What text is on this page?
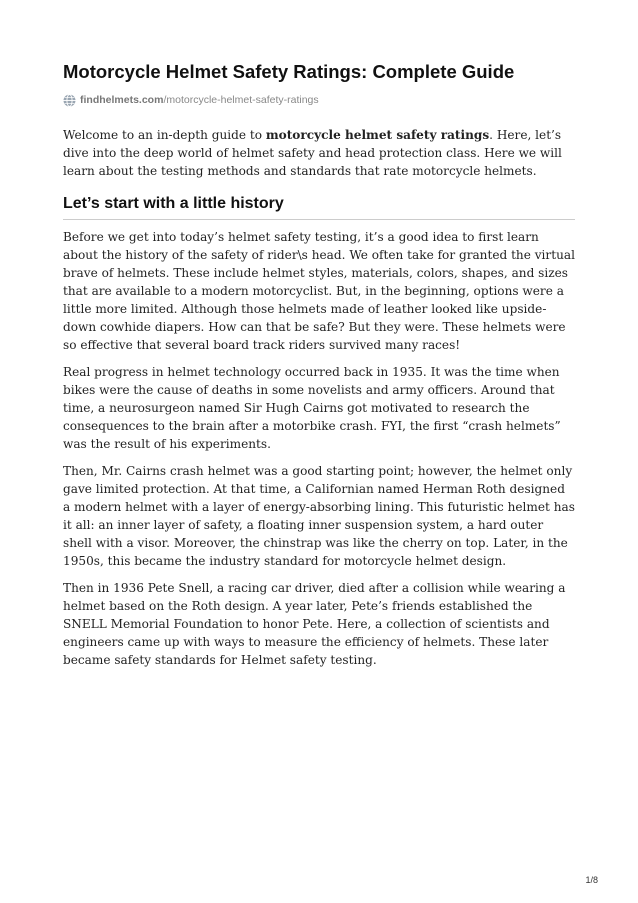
Motorcycle Helmet Safety Ratings: Complete Guide
findhelmets.com /motorcycle-helmet-safety-ratings

Welcome to an in-depth guide to motorcycle helmet safety ratings. Here, let’s dive into the deep world of helmet safety and head protection class. Here we will learn about the testing methods and standards that rate motorcycle helmets.

Let’s start with a little history

Before we get into today’s helmet safety testing, it’s a good idea to first learn about the history of the safety of rider\s head. We often take for granted the virtual brave of helmets. These include helmet styles, materials, colors, shapes, and sizes that are available to a modern motorcyclist. But, in the beginning, options were a little more limited. Although those helmets made of leather looked like upside-down cowhide diapers. How can that be safe? But they were. These helmets were so effective that several board track riders survived many races!

Real progress in helmet technology occurred back in 1935. It was the time when bikes were the cause of deaths in some novelists and army officers. Around that time, a neurosurgeon named Sir Hugh Cairns got motivated to research the consequences to the brain after a motorbike crash. FYI, the first “crash helmets” was the result of his experiments.

Then, Mr. Cairns crash helmet was a good starting point; however, the helmet only gave limited protection. At that time, a Californian named Herman Roth designed a modern helmet with a layer of energy-absorbing lining. This futuristic helmet has it all: an inner layer of safety, a floating inner suspension system, a hard outer shell with a visor. Moreover, the chinstrap was like the cherry on top. Later, in the 1950s, this became the industry standard for motorcycle helmet design.

Then in 1936 Pete Snell, a racing car driver, died after a collision while wearing a helmet based on the Roth design. A year later, Pete’s friends established the SNELL Memorial Foundation to honor Pete. Here, a collection of scientists and engineers came up with ways to measure the efficiency of helmets. These later became safety standards for Helmet safety testing.

1/8
